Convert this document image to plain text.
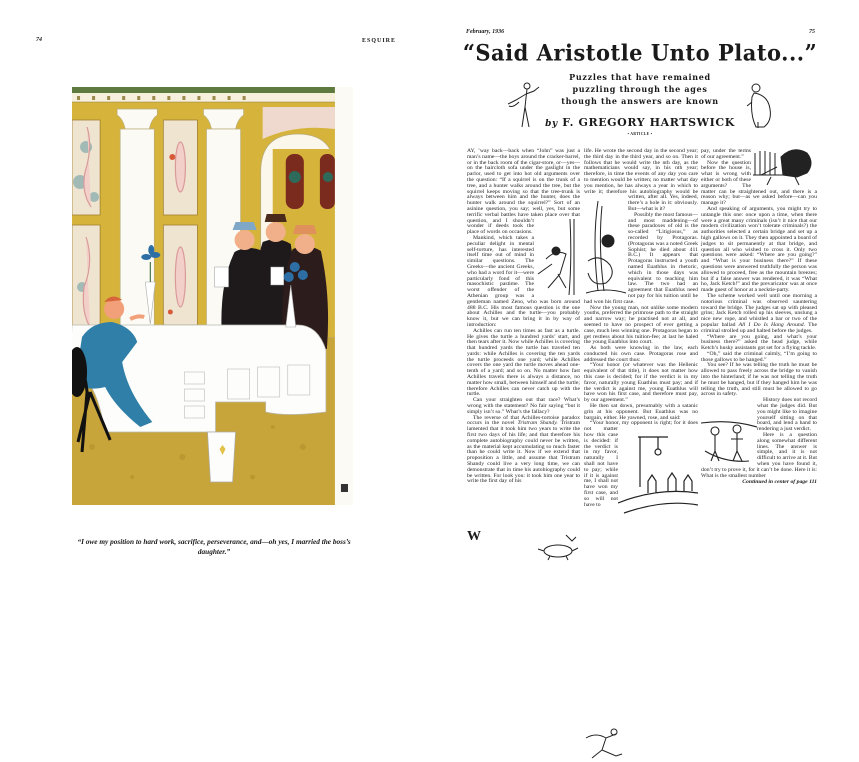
74	ESQUIRE
“I owe my position to hard work, sacrifice, perseverance, and—oh yes, I married the boss’s daughter.”
February, 1936	75
“Said Aristotle Unto Plato...”
Puzzles that have remained
puzzling through the ages
though the answers are known
by F. GREGORY HARTSWICK
• ARTICLE •
W

AY, ’way back—back when “John” was just a man’s name—the boys around the cracker-barrel, or in the back room of the cigar-store, or—yes—on the haircloth sofa under the gaslight in the parlor, used to get into hot old arguments over the question: “If a squirrel is on the trunk of a tree, and a hunter walks around the tree, but the squirrel keeps moving so that the tree-trunk is always between him and the hunter, does the hunter walk around the squirrel?” Sort of an asinine question, you say; well, yes, but some terrific verbal battles have taken place over that question, and I shouldn’t wonder if deeds took the place of words on occasions.

Mankind, which takes a peculiar delight in mental self-torture, has interested itself time out of mind in similar questions. The Greeks—the ancient Greeks, who had a word for it—were particularly fond of this masochistic pastime. The worst offender of the Athenian group was a gentleman named Zeno, who was born around 488 B.C. His most famous question is the one about Achilles and the turtle—you probably know it, but we can bring it in by way of introduction:

Achilles can run ten times as fast as a turtle. He gives the turtle a hundred yards’ start, and then tears after it. Now while Achilles is covering that hundred yards the turtle has traveled ten yards: while Achilles is covering the ten yards the turtle proceeds one yard; while Achilles covers the one yard the turtle moves ahead one-tenth of a yard; and so on. No matter how fast Achilles travels there is always a distance, no matter how small, between himself and the turtle; therefore Achilles can never catch up with the turtle.

Can your straighten out that race? What’s wrong with the statement? No fair saying “but it simply isn’t so.” What’s the fallacy?

The reverse of that Achilles-tortoise paradox occurs in the novel Tristram Shandy. Tristram lamented that it took him two years to write the first two days of his life; and that therefore his complete autobiography could never be written, as the material kept accumulating so much faster than he could write it. Now if we extend that proposition a little, and assume that Tristram Shandy could live a very long time, we can demonstrate that in time his autobiography could be written. For look you: it took him one year to write the first day of his

life. He wrote the second day in the second year; the third day in the third year, and so on. Then it follows that he would write the nth day, as the mathematicians would say, in his nth year; therefore, in time the events of any day you care to mention would be written; no matter what day you mention, he has always a year in which to write it; therefore his autobiography would be written, after all. Yes, indeed, there’s a hole in it: obviously. But—what is it?

Possibly the most famous—and most maddening—of these paradoxes of old is the so-called “Litigiosus,” as recorded by Protagoras. (Protagoras was a noted Greek Sophist; he died about 411 B.C.) It appears that Protagoras instructed a youth named Euathlus in rhetoric, which in those days was equivalent to teaching him law. The two had an agreement that Euathlus need not pay for his tuition until he had won his first case.

Now the young man, not unlike some modern youths, preferred the primrose path to the straight and narrow way; he practised not at all, and seemed to have no prospect of ever getting a case, much less winning one. Protagoras began to get restless about his tuition-fee; at last he haled the young Euathlus into court.

As both were knowing in the law, each conducted his own case. Protagoras rose and addressed the court thus:

“Your honor (or whatever was the Hellenic equivalent of that title), it does not matter how this case is decided; for if the verdict is in my favor, naturally young Euathlus must pay; and if the verdict is against me, young Euathlus will have won his first case, and therefore must pay, by our agreement.”

He then sat down, presumably with a satanic grin at his opponent. But Euathlus was no bargain, either. He yawned, rose, and said:

“Your honor, my opponent is right; for it does not matter how this case is decided: if the verdict is in my favor, naturally I shall not have to pay; while if it is against me, I shall not have won my first case, and so will not have to

pay, under the terms of our agreement.”

Now the question before the house is, what is wrong with either or both of these arguments? The matter can be straightened out, and there is a reason why; but—as we asked before—can you manage it?

And speaking of arguments, you might try to untangle this one: once upon a time, when there were a great many criminals (isn’t it nice that our modern civilization won’t tolerate criminals?) the authorities selected a certain bridge and set up a high gallows on it. They then appointed a board of judges to sit permanently at that bridge, and question all who wished to cross it. Only two questions were asked: “Where are you going?” and “What is your business there?” If these questions were answered truthfully the person was allowed to proceed, free as the mountain breezes; but if a false answer was rendered, it was “What ho, Jack Ketch!” and the prevaricator was at once made guest of honor at a necktie-party.

The scheme worked well until one morning a notorious criminal was observed sauntering toward the bridge. The judges sat up with pleased grins; Jack Ketch rolled up his sleeves, unslung a nice new rope, and whistled a bar or two of the popular ballad All I Do Is Hang Around. The criminal strolled up and halted before the judges.

“Where are you going, and what’s your business there?” asked the head judge, while Ketch’s husky assistants got set for a flying tackle.

“Oh,” said the criminal calmly, “I’m going to those gallows to be hanged.”

You see? If he was telling the truth he must be allowed to pass freely across the bridge to vanish into the hinterland; if he was not telling the truth he must be hanged, but if they hanged him he was telling the truth, and still must be allowed to go across in safety.

History does not record what the judges did. But you might like to imagine yourself sitting on that board, and lend a hand to rendering a just verdict.

Here is a question along somewhat different lines. The answer is simple, and it is not difficult to arrive at it. But when you have found it, don’t try to prove it, for it can’t be done. Here it is: What is the smallest number

Continued in center of page 111
